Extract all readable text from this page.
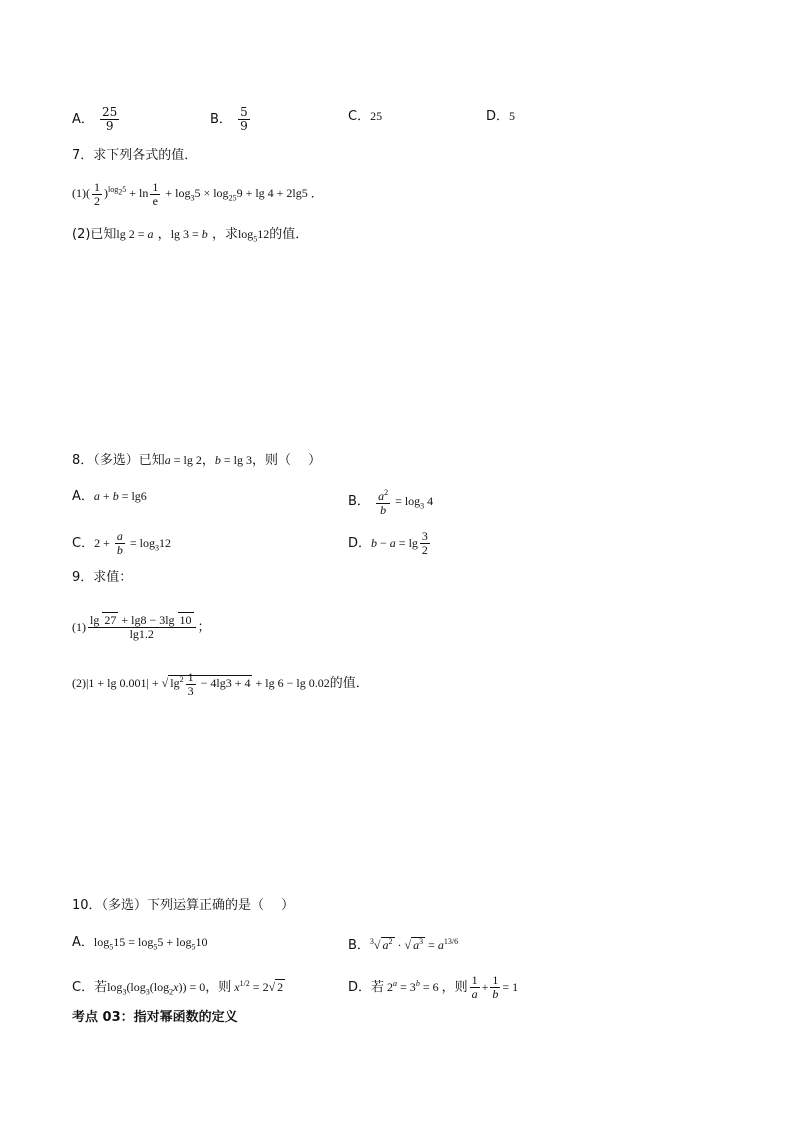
A． $\frac{25}{9}$	B． $\frac{5}{9}$	C．25	D．5
7．求下列各式的值．
$(1)( \frac{1}{2} )^{log_25} + \ln \frac{1}{e} + \log_35 \times \log_{25}9 + \lg 4 + 2\lg 5$ ．
(2)已知lg 2 = a ，lg 3 = b ，求$\log_512$的值．
8．（多选）已知a = lg 2，b = lg 3，则（　 ）
A．a + b = lg6	B． $\frac{a^2}{b} = \log_3 4$
C．$2 + \frac{a}{b} = \log_312$	D．$b - a = \lg \frac{3}{2}$
9．求值：
$(1) \frac{\lg 27 + \lg 8 - 3\lg 10}{\lg 1.2}$ ；
(2)|1 + lg 0.001| + √ $\lg^2 \frac{1}{3} - 4\lg 3 + 4 + \lg 6 - \lg 0.02$的值．
10．（多选）下列运算正确的是（　 ）
A．$\log_515 = \log_55 + \log_510$	B．$^3$√ $a^2$ · √ $a^3 = a^{13/6}$
C．若$\log_3(\log_3(\log_2x)) = 0$，则 $x^{1/2} = 2√$ 2	D．若 $2^a = 3^b = 6$ ，则 $\frac{1}{a} + \frac{1}{b} = 1$
考点 03：指对幂函数的定义
